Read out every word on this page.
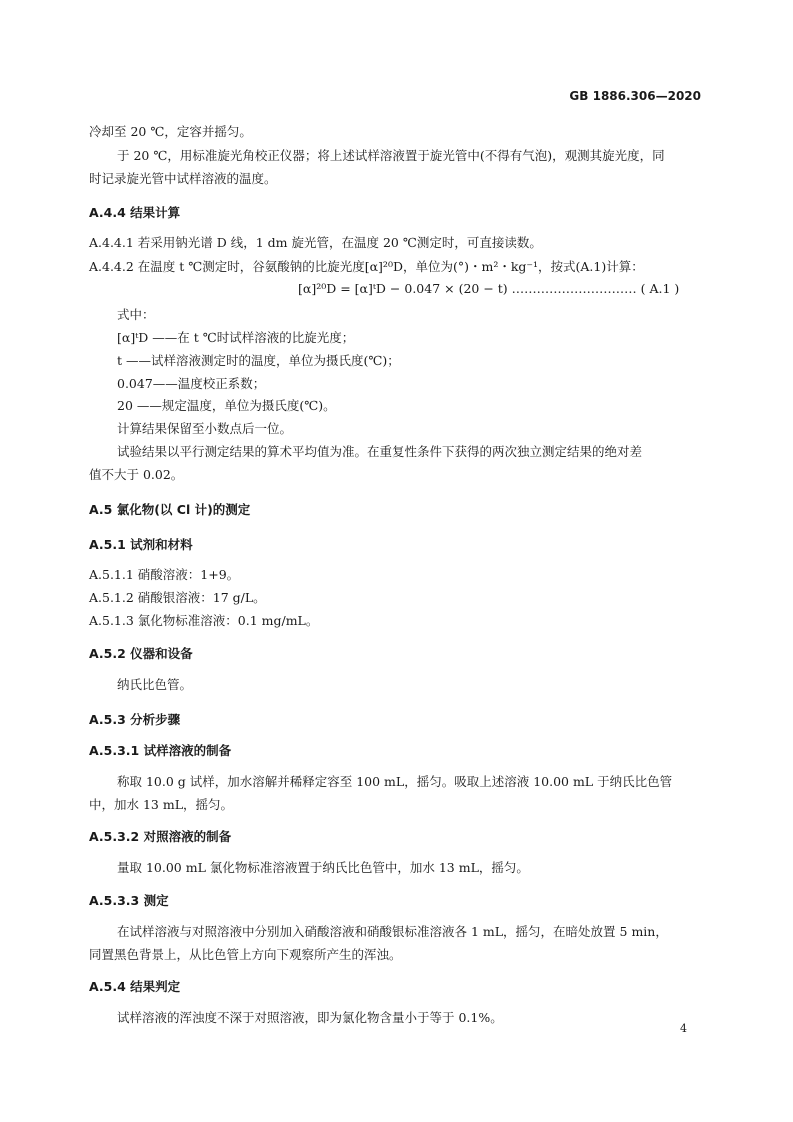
GB 1886.306—2020
冷却至 20 ℃，定容并摇匀。
于 20 ℃，用标准旋光角校正仪器；将上述试样溶液置于旋光管中(不得有气泡)，观测其旋光度，同
时记录旋光管中试样溶液的温度。
A.4.4 结果计算
A.4.4.1 若采用钠光谱 D 线，1 dm 旋光管，在温度 20 ℃测定时，可直接读数。
A.4.4.2 在温度 t ℃测定时，谷氨酸钠的比旋光度[α]²⁰D，单位为(°)・m²・kg⁻¹，按式(A.1)计算：
[α]²⁰D = [α]ᵗD − 0.047 × (20 − t) ………………………… ( A.1 )
式中：
[α]ᵗD ——在 t ℃时试样溶液的比旋光度；
t ——试样溶液测定时的温度，单位为摄氏度(℃)；
0.047——温度校正系数；
20 ——规定温度，单位为摄氏度(℃)。
计算结果保留至小数点后一位。
试验结果以平行测定结果的算术平均值为准。在重复性条件下获得的两次独立测定结果的绝对差
值不大于 0.02。
A.5 氯化物(以 Cl 计)的测定
A.5.1 试剂和材料
A.5.1.1 硝酸溶液：1+9。
A.5.1.2 硝酸银溶液：17 g/L。
A.5.1.3 氯化物标准溶液：0.1 mg/mL。
A.5.2 仪器和设备
纳氏比色管。
A.5.3 分析步骤
A.5.3.1 试样溶液的制备
称取 10.0 g 试样，加水溶解并稀释定容至 100 mL，摇匀。吸取上述溶液 10.00 mL 于纳氏比色管
中，加水 13 mL，摇匀。
A.5.3.2 对照溶液的制备
量取 10.00 mL 氯化物标准溶液置于纳氏比色管中，加水 13 mL，摇匀。
A.5.3.3 测定
在试样溶液与对照溶液中分别加入硝酸溶液和硝酸银标准溶液各 1 mL，摇匀，在暗处放置 5 min，
同置黑色背景上，从比色管上方向下观察所产生的浑浊。
A.5.4 结果判定
试样溶液的浑浊度不深于对照溶液，即为氯化物含量小于等于 0.1%。
4
